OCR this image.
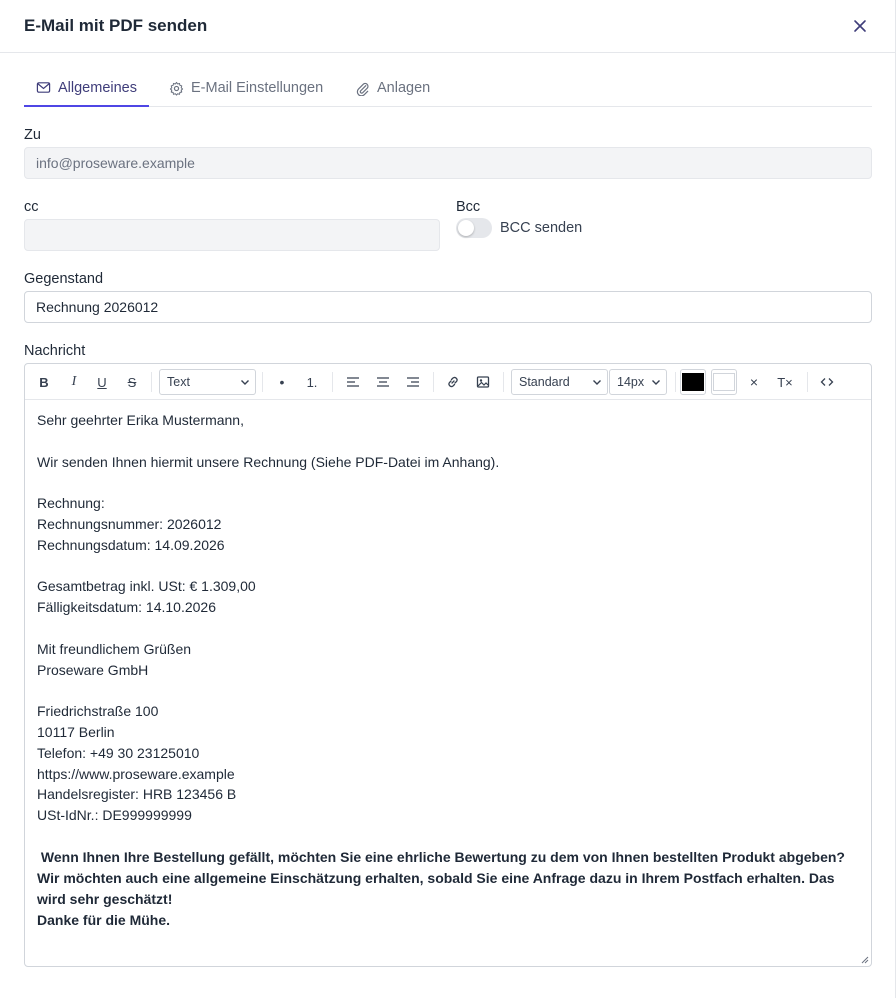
E-Mail mit PDF senden
Allgemeines	E-Mail Einstellungen	Anlagen
Zu
info@proseware.example
cc	Bcc
BCC senden
Gegenstand
Rechnung 2026012
Nachricht
B	I	U	S	Text	•	1.	Standard	14px	×	T×
Sehr geehrter Erika Mustermann,
Wir senden Ihnen hiermit unsere Rechnung (Siehe PDF-Datei im Anhang).
Rechnung:
Rechnungsnummer: 2026012
Rechnungsdatum: 14.09.2026
Gesamtbetrag inkl. USt: € 1.309,00
Fälligkeitsdatum: 14.10.2026
Mit freundlichem Grüßen
Proseware GmbH
Friedrichstraße 100
10117 Berlin
Telefon: +49 30 23125010
https://www.proseware.example
Handelsregister: HRB 123456 B
USt-IdNr.: DE999999999
Wenn Ihnen Ihre Bestellung gefällt, möchten Sie eine ehrliche Bewertung zu dem von Ihnen bestellten Produkt abgeben?
Wir möchten auch eine allgemeine Einschätzung erhalten, sobald Sie eine Anfrage dazu in Ihrem Postfach erhalten. Das wird sehr geschätzt!
Danke für die Mühe.
